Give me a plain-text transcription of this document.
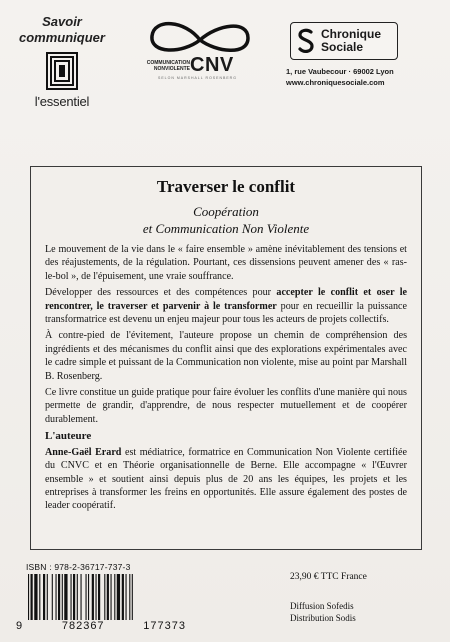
Savoir
communiquer
l'essentiel
COMMUNICATION
NONVIOLENTE CNV
SELON MARSHALL ROSENBERG
Chronique
Sociale
1, rue Vaubecour · 69002 Lyon
www.chroniquesociale.com
Traverser le conflit
Coopération
et Communication Non Violente

Le mouvement de la vie dans le « faire ensemble » amène inévitablement des tensions et des réajustements, de la régulation. Pourtant, ces dissensions peuvent amener des « ras-le-bol », de l'épuisement, une vraie souffrance.

Développer des ressources et des compétences pour accepter le conflit et oser le rencontrer, le traverser et parvenir à le transformer pour en recueillir la puissance transformatrice est devenu un enjeu majeur pour tous les acteurs de projets collectifs.

À contre-pied de l'évitement, l'auteure propose un chemin de compréhension des ingrédients et des mécanismes du conflit ainsi que des explorations expérimentales avec le cadre simple et puissant de la Communication non violente, mise au point par Marshall B. Rosenberg.

Ce livre constitue un guide pratique pour faire évoluer les conflits d'une manière qui nous permette de grandir, d'apprendre, de nous respecter mutuellement et de coopérer durablement.

L'auteure

Anne-Gaël Erard est médiatrice, formatrice en Communication Non Violente certifiée du CNVC et en Théorie organisationnelle de Berne. Elle accompagne « l'Œuvrer ensemble » et soutient ainsi depuis plus de 20 ans les équipes, les projets et les entreprises à transformer les freins en opportunités. Elle assure également des postes de leader coopératif.

ISBN : 978-2-36717-737-3
9	782367	177373
23,90 € TTC France
Diffusion Sofedis
Distribution Sodis
